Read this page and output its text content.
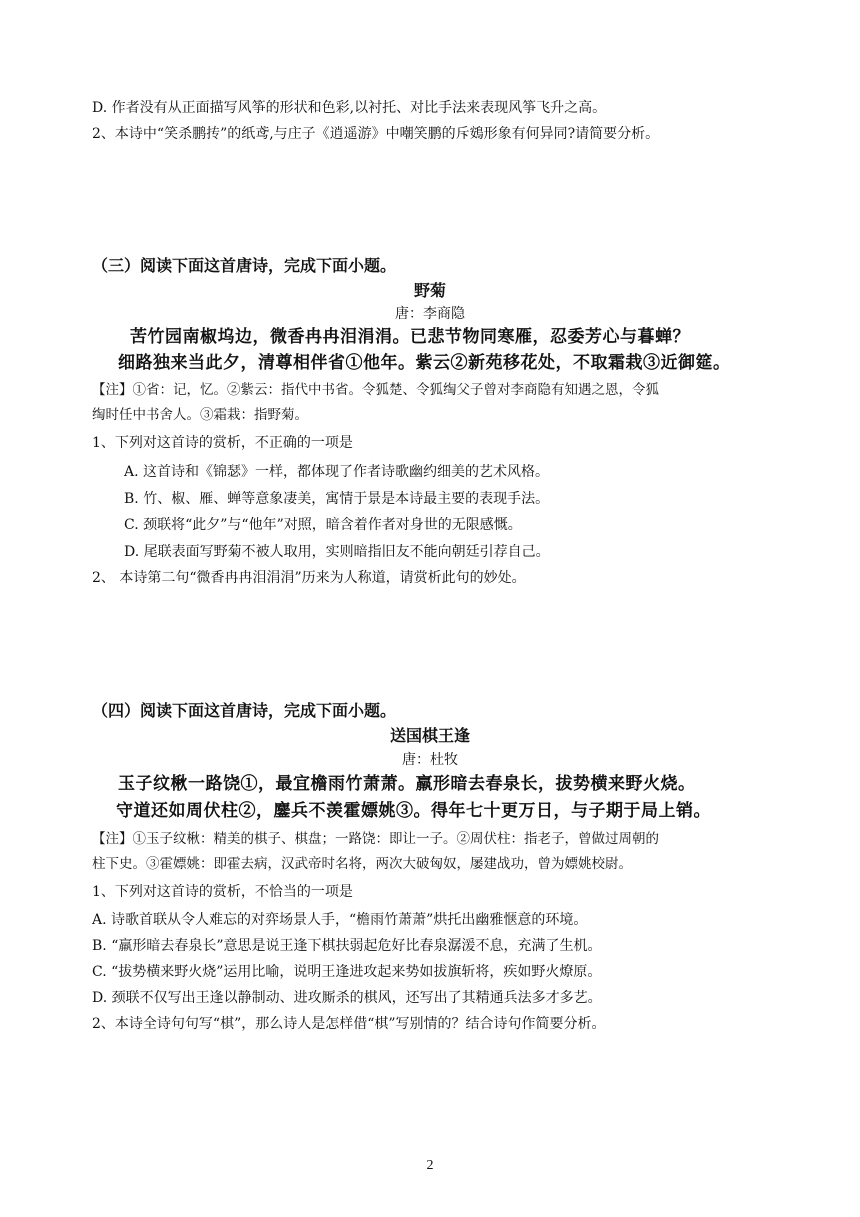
D. 作者没有从正面描写风筝的形状和色彩,以衬托、对比手法来表现风筝飞升之高。
2、本诗中“笑杀鹏抟”的纸鸢,与庄子《逍遥游》中嘲笑鹏的斥鴳形象有何异同?请简要分析。
（三）阅读下面这首唐诗，完成下面小题。
野菊
唐：李商隐
苦竹园南椒坞边，微香冉冉泪涓涓。已悲节物同寒雁，忍委芳心与暮蝉？
细路独来当此夕，清尊相伴省①他年。紫云②新苑移花处，不取霜栽③近御筵。
【注】①省：记，忆。②紫云：指代中书省。令狐楚、令狐绹父子曾对李商隐有知遇之恩，令狐
绹时任中书舍人。③霜栽：指野菊。
1、下列对这首诗的赏析，不正确的一项是
A. 这首诗和《锦瑟》一样，都体现了作者诗歌幽约细美的艺术风格。
B. 竹、椒、雁、蝉等意象凄美，寓情于景是本诗最主要的表现手法。
C. 颈联将“此夕”与“他年”对照，暗含着作者对身世的无限感慨。
D. 尾联表面写野菊不被人取用，实则暗指旧友不能向朝廷引荐自己。
2、 本诗第二句“微香冉冉泪涓涓”历来为人称道，请赏析此句的妙处。
（四）阅读下面这首唐诗，完成下面小题。
送国棋王逢
唐：杜牧
玉子纹楸一路饶①，最宜檐雨竹萧萧。羸形暗去春泉长，拔势横来野火烧。
守道还如周伏柱②，鏖兵不羡霍嫖姚③。得年七十更万日，与子期于局上销。
【注】①玉子纹楸：精美的棋子、棋盘；一路饶：即让一子。②周伏柱：指老子，曾做过周朝的
柱下史。③霍嫖姚：即霍去病，汉武帝时名将，两次大破匈奴，屡建战功，曾为嫖姚校尉。
1、下列对这首诗的赏析，不恰当的一项是
A. 诗歌首联从令人难忘的对弈场景人手，“檐雨竹萧萧”烘托出幽雅惬意的环境。
B. “羸形暗去春泉长”意思是说王逢下棋扶弱起危好比春泉潺湲不息，充满了生机。
C. “拔势横来野火烧”运用比喻，说明王逢进攻起来势如拔旗斩将，疾如野火燎原。
D. 颈联不仅写出王逢以静制动、进攻厮杀的棋风，还写出了其精通兵法多才多艺。
2、本诗全诗句句写“棋”，那么诗人是怎样借“棋”写别情的？结合诗句作简要分析。
2
